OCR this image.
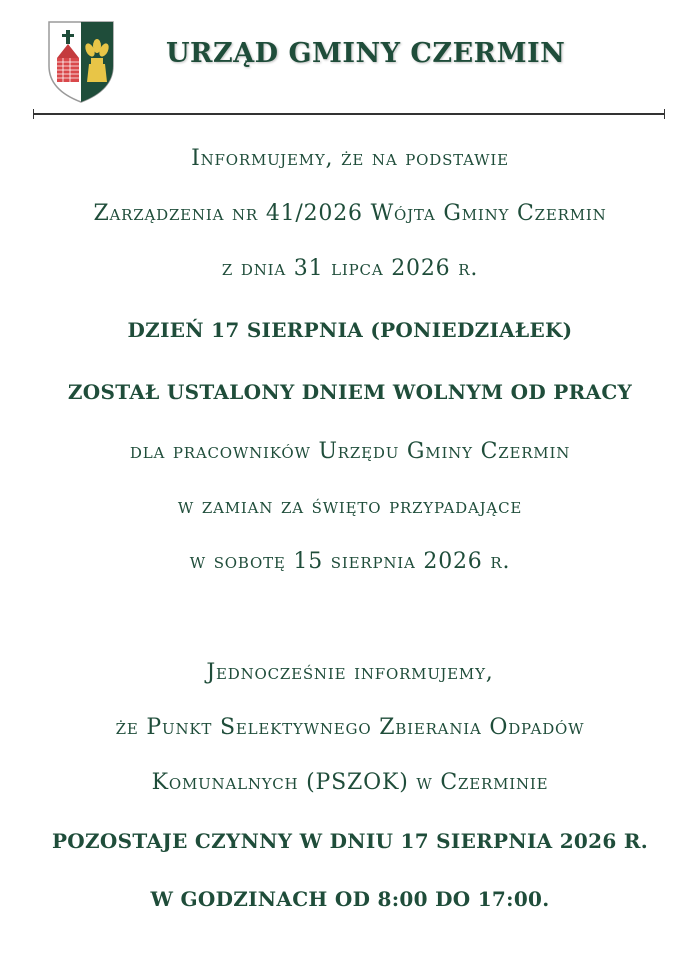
URZĄD GMINY CZERMIN
Informujemy, że na podstawie
Zarządzenia nr 41/2026 Wójta Gminy Czermin
z dnia 31 lipca 2026 r.
DZIEŃ 17 SIERPNIA (PONIEDZIAŁEK)
ZOSTAŁ USTALONY DNIEM WOLNYM OD PRACY
dla pracowników Urzędu Gminy Czermin
w zamian za święto przypadające
w sobotę 15 sierpnia 2026 r.
Jednocześnie informujemy,
że Punkt Selektywnego Zbierania Odpadów
Komunalnych (PSZOK) w Czerminie
POZOSTAJE CZYNNY W DNIU 17 SIERPNIA 2026 R.
W GODZINACH OD 8:00 DO 17:00.
